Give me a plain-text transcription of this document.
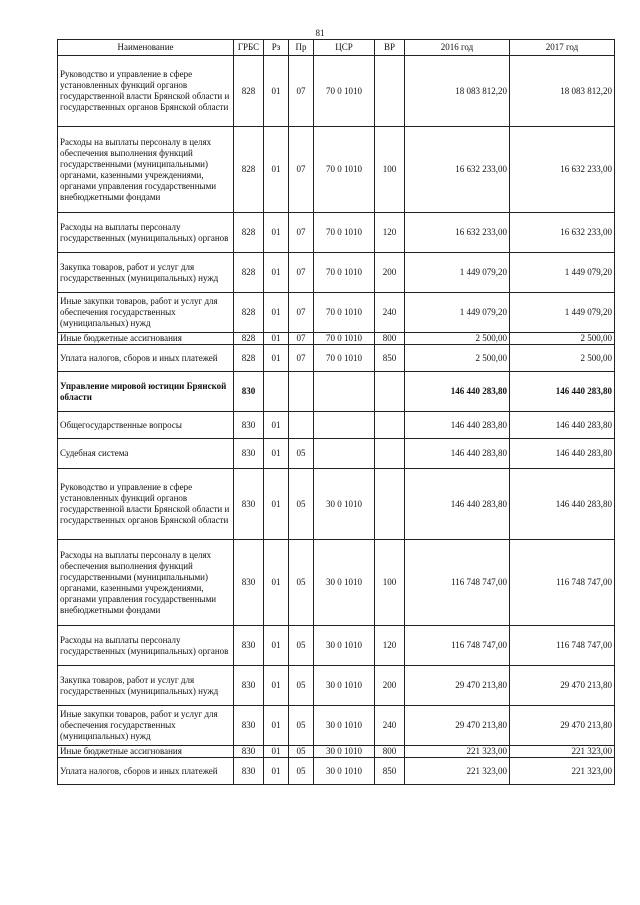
81
Наименование	ГРБС	Рз	Пр	ЦСР	ВР	2016 год	2017 год
Руководство и управление в сфере установленных функций органов государственной власти Брянской области и государственных органов Брянской области	828	01	07	70 0 1010		18 083 812,20	18 083 812,20
Расходы на выплаты персоналу в целях обеспечения выполнения функций государственными (муниципальными) органами, казенными учреждениями, органами управления государственными внебюджетными фондами	828	01	07	70 0 1010	100	16 632 233,00	16 632 233,00
Расходы на выплаты персоналу государственных (муниципальных) органов	828	01	07	70 0 1010	120	16 632 233,00	16 632 233,00
Закупка товаров, работ и услуг для государственных (муниципальных) нужд	828	01	07	70 0 1010	200	1 449 079,20	1 449 079,20
Иные закупки товаров, работ и услуг для обеспечения государственных (муниципальных) нужд	828	01	07	70 0 1010	240	1 449 079,20	1 449 079,20
Иные бюджетные ассигнования	828	01	07	70 0 1010	800	2 500,00	2 500,00
Уплата налогов, сборов и иных платежей	828	01	07	70 0 1010	850	2 500,00	2 500,00
Управление мировой юстиции Брянской области	830					146 440 283,80	146 440 283,80
Общегосударственные вопросы	830	01				146 440 283,80	146 440 283,80
Судебная система	830	01	05			146 440 283,80	146 440 283,80
Руководство и управление в сфере установленных функций органов государственной власти Брянской области и государственных органов Брянской области	830	01	05	30 0 1010		146 440 283,80	146 440 283,80
Расходы на выплаты персоналу в целях обеспечения выполнения функций государственными (муниципальными) органами, казенными учреждениями, органами управления государственными внебюджетными фондами	830	01	05	30 0 1010	100	116 748 747,00	116 748 747,00
Расходы на выплаты персоналу государственных (муниципальных) органов	830	01	05	30 0 1010	120	116 748 747,00	116 748 747,00
Закупка товаров, работ и услуг для государственных (муниципальных) нужд	830	01	05	30 0 1010	200	29 470 213,80	29 470 213,80
Иные закупки товаров, работ и услуг для обеспечения государственных (муниципальных) нужд	830	01	05	30 0 1010	240	29 470 213,80	29 470 213,80
Иные бюджетные ассигнования	830	01	05	30 0 1010	800	221 323,00	221 323,00
Уплата налогов, сборов и иных платежей	830	01	05	30 0 1010	850	221 323,00	221 323,00
